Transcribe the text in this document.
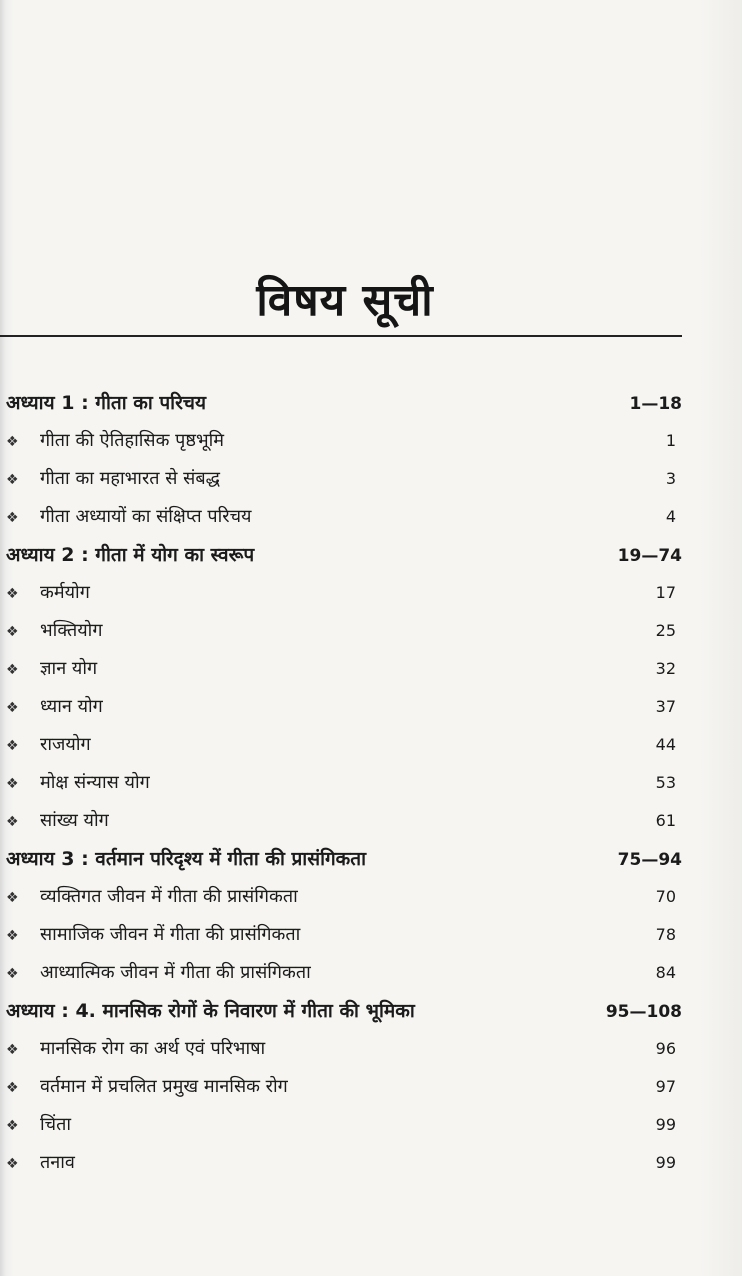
विषय सूची
अध्याय 1 : गीता का परिचय	1—18
❖	गीता की ऐतिहासिक पृष्ठभूमि	1
❖	गीता का महाभारत से संबद्ध	3
❖	गीता अध्यायों का संक्षिप्त परिचय	4
अध्याय 2 : गीता में योग का स्वरूप	19—74
❖	कर्मयोग	17
❖	भक्तियोग	25
❖	ज्ञान योग	32
❖	ध्यान योग	37
❖	राजयोग	44
❖	मोक्ष संन्यास योग	53
❖	सांख्य योग	61
अध्याय 3 : वर्तमान परिदृश्य में गीता की प्रासंगिकता	75—94
❖	व्यक्तिगत जीवन में गीता की प्रासंगिकता	70
❖	सामाजिक जीवन में गीता की प्रासंगिकता	78
❖	आध्यात्मिक जीवन में गीता की प्रासंगिकता	84
अध्याय : 4. मानसिक रोगों के निवारण में गीता की भूमिका	95—108
❖	मानसिक रोग का अर्थ एवं परिभाषा	96
❖	वर्तमान में प्रचलित प्रमुख मानसिक रोग	97
❖	चिंता	99
❖	तनाव	99
